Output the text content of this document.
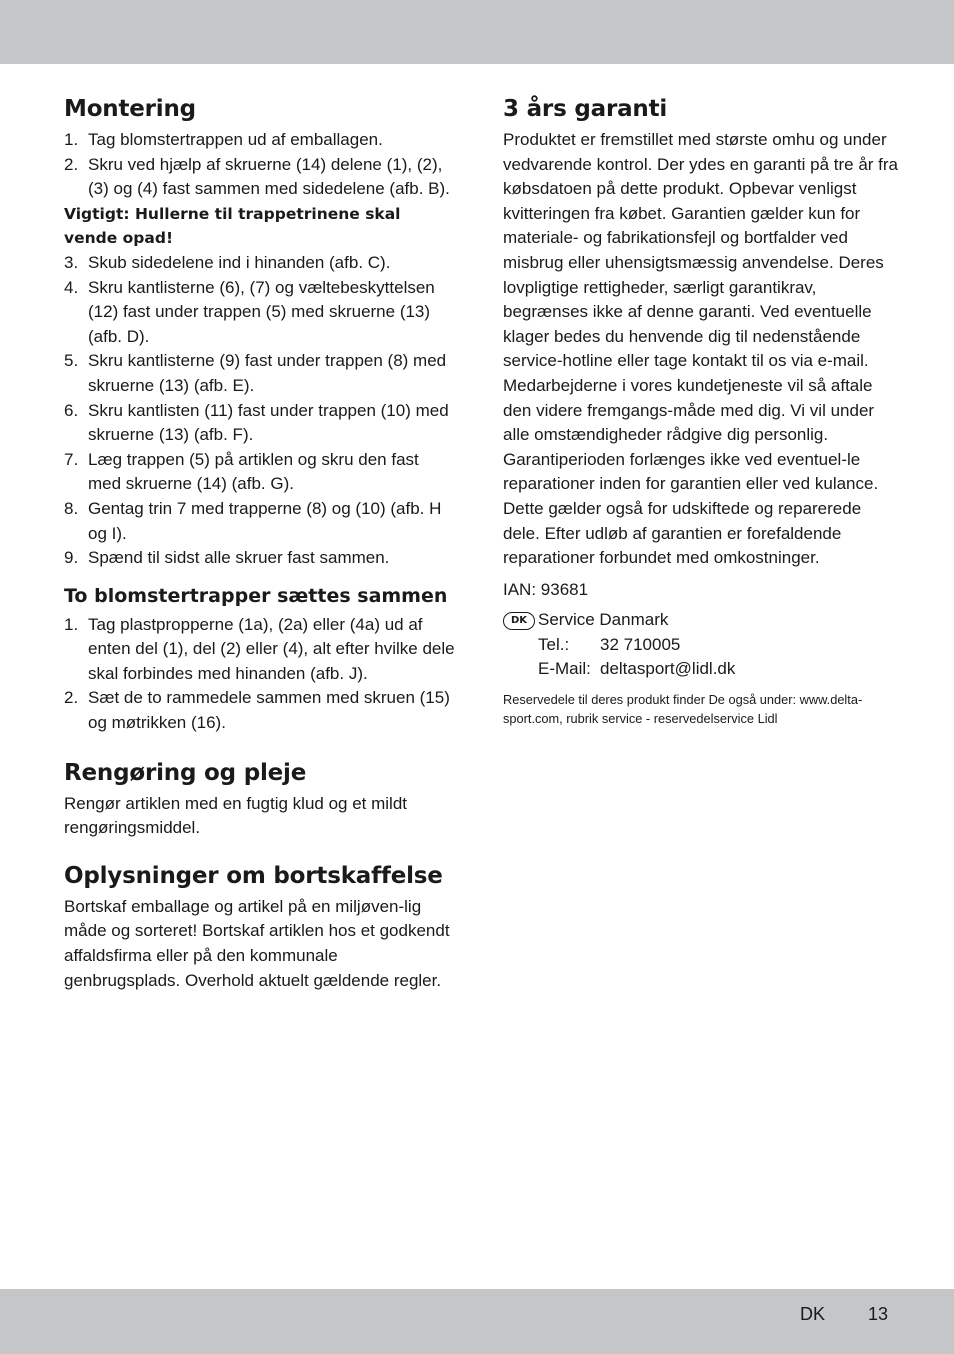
Montering
1. Tag blomstertrappen ud af emballagen.
2. Skru ved hjælp af skruerne (14) delene (1), (2), (3) og (4) fast sammen med sidedelene (afb. B).

Vigtigt: Hullerne til trappetrinene skal vende opad!

3. Skub sidedelene ind i hinanden (afb. C).
4. Skru kantlisterne (6), (7) og væltebeskyttelsen (12) fast under trappen (5) med skruerne (13) (afb. D).
5. Skru kantlisterne (9) fast under trappen (8) med skruerne (13) (afb. E).
6. Skru kantlisten (11) fast under trappen (10) med skruerne (13) (afb. F).
7. Læg trappen (5) på artiklen og skru den fast med skruerne (14) (afb. G).
8. Gentag trin 7 med trapperne (8) og (10) (afb. H og I).
9. Spænd til sidst alle skruer fast sammen.
To blomstertrapper sættes sammen
1. Tag plastpropperne (1a), (2a) eller (4a) ud af enten del (1), del (2) eller (4), alt efter hvilke dele skal forbindes med hinanden (afb. J).
2. Sæt de to rammedele sammen med skruen (15) og møtrikken (16).
Rengøring og pleje

Rengør artiklen med en fugtig klud og et mildt rengøringsmiddel.

Oplysninger om bortskaffelse

Bortskaf emballage og artikel på en miljøven-lig måde og sorteret! Bortskaf artiklen hos et godkendt affaldsfirma eller på den kommunale genbrugsplads. Overhold aktuelt gældende regler.

3 års garanti

Produktet er fremstillet med største omhu og under vedvarende kontrol. Der ydes en garanti på tre år fra købsdatoen på dette produkt. Opbevar venligst kvitteringen fra købet. Garantien gælder kun for materiale- og fabrikationsfejl og bortfalder ved misbrug eller uhensigtsmæssig anvendelse. Deres lovpligtige rettigheder, særligt garantikrav, begrænses ikke af denne garanti. Ved eventuelle klager bedes du henvende dig til nedenstående service-hotline eller tage kontakt til os via e-mail. Medarbejderne i vores kundetjeneste vil så aftale den videre fremgangs-måde med dig. Vi vil under alle omstændigheder rådgive dig personlig. Garantiperioden forlænges ikke ved eventuel-le reparationer inden for garantien eller ved kulance. Dette gælder også for udskiftede og reparerede dele. Efter udløb af garantien er forefaldende reparationer forbundet med omkostninger.

IAN: 93681

DK Service Danmark

Tel.:	32 710005
E-Mail: deltasport@lidl.dk

Reservedele til deres produkt finder De også under: www.delta-sport.com, rubrik service - reservedelservice Lidl

DK 13
